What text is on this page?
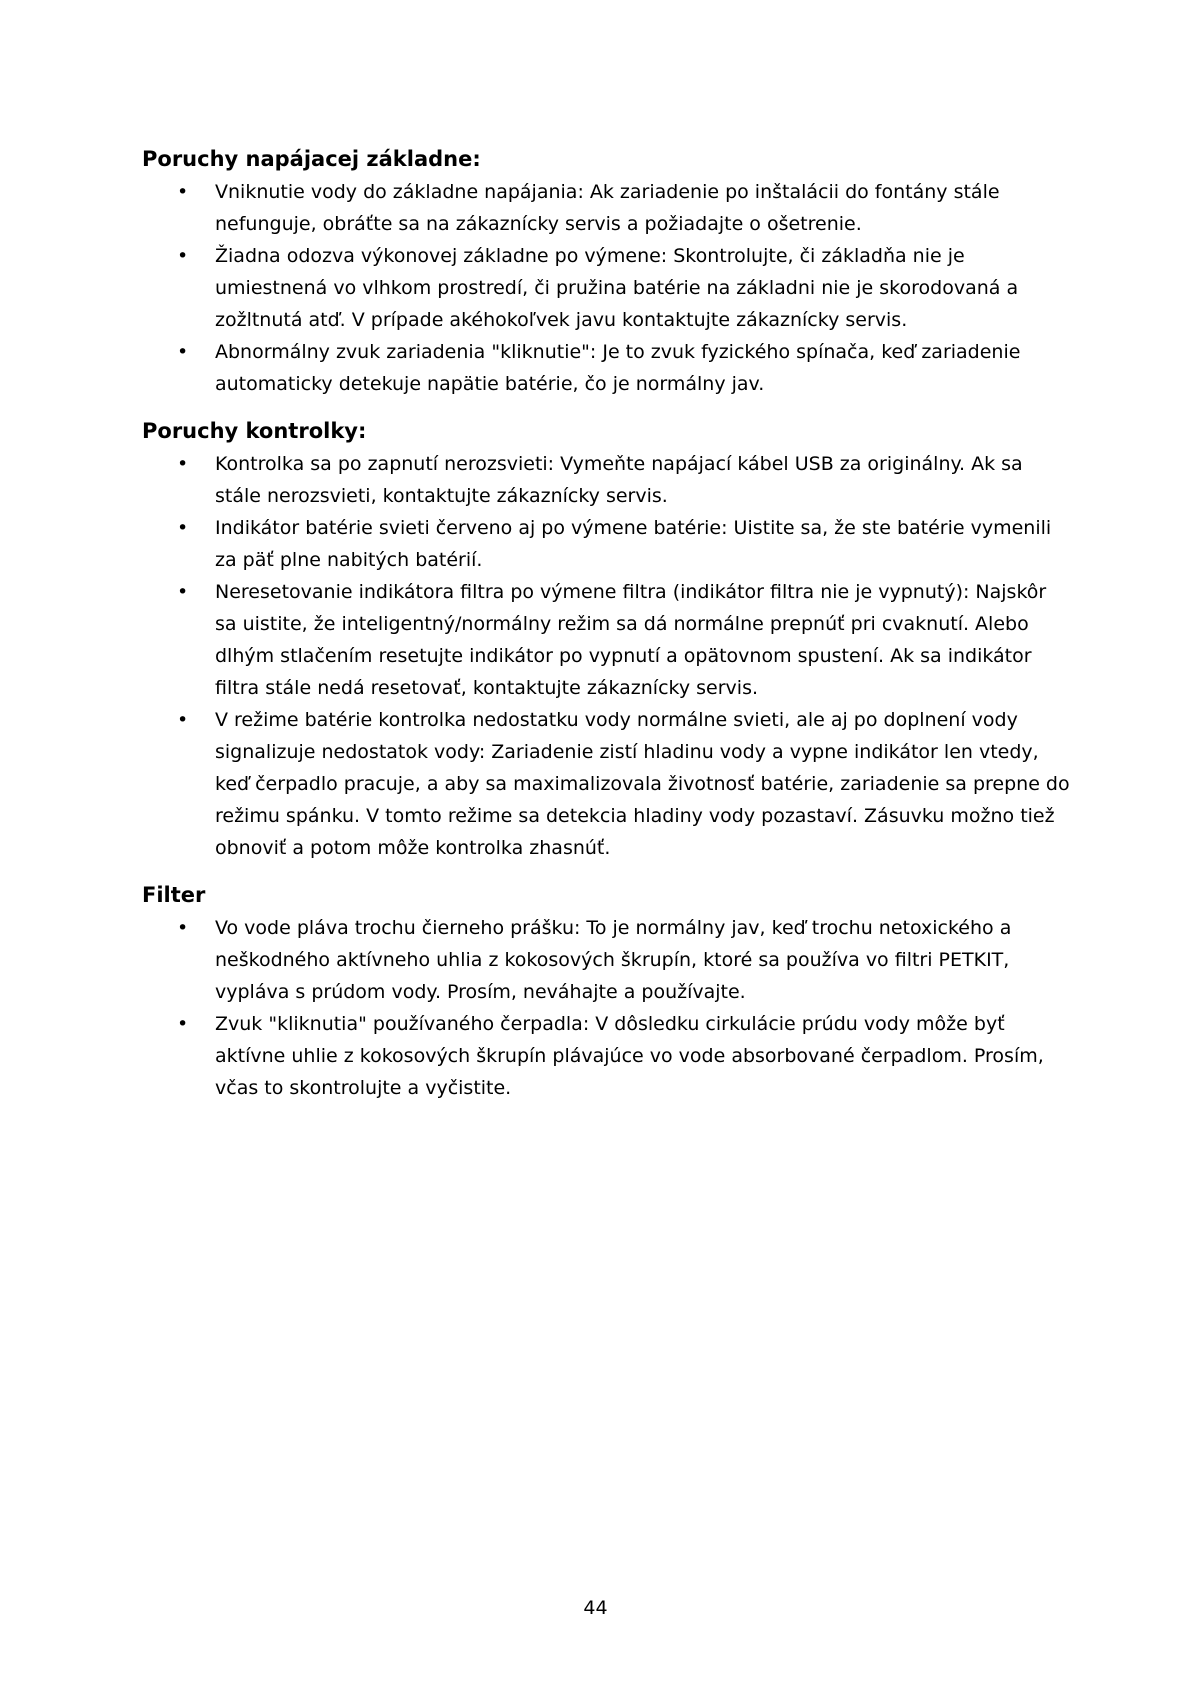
Poruchy napájacej základne:
• Vniknutie vody do základne napájania: Ak zariadenie po inštalácii do fontány stále nefunguje, obráťte sa na zákaznícky servis a požiadajte o ošetrenie.
• Žiadna odozva výkonovej základne po výmene: Skontrolujte, či základňa nie je umiestnená vo vlhkom prostredí, či pružina batérie na základni nie je skorodovaná a zožltnutá atď. V prípade akéhokoľvek javu kontaktujte zákaznícky servis.
• Abnormálny zvuk zariadenia "kliknutie": Je to zvuk fyzického spínača, keď zariadenie automaticky detekuje napätie batérie, čo je normálny jav.
Poruchy kontrolky:
• Kontrolka sa po zapnutí nerozsvieti: Vymeňte napájací kábel USB za originálny. Ak sa stále nerozsvieti, kontaktujte zákaznícky servis.
• Indikátor batérie svieti červeno aj po výmene batérie: Uistite sa, že ste batérie vymenili za päť plne nabitých batérií.
• Neresetovanie indikátora filtra po výmene filtra (indikátor filtra nie je vypnutý): Najskôr sa uistite, že inteligentný/normálny režim sa dá normálne prepnúť pri cvaknutí. Alebo dlhým stlačením resetujte indikátor po vypnutí a opätovnom spustení. Ak sa indikátor filtra stále nedá resetovať, kontaktujte zákaznícky servis.
• V režime batérie kontrolka nedostatku vody normálne svieti, ale aj po doplnení vody signalizuje nedostatok vody: Zariadenie zistí hladinu vody a vypne indikátor len vtedy, keď čerpadlo pracuje, a aby sa maximalizovala životnosť batérie, zariadenie sa prepne do režimu spánku. V tomto režime sa detekcia hladiny vody pozastaví. Zásuvku možno tiež obnoviť a potom môže kontrolka zhasnúť.
Filter
• Vo vode pláva trochu čierneho prášku: To je normálny jav, keď trochu netoxického a neškodného aktívneho uhlia z kokosových škrupín, ktoré sa používa vo filtri PETKIT, vypláva s prúdom vody. Prosím, neváhajte a používajte.
• Zvuk "kliknutia" používaného čerpadla: V dôsledku cirkulácie prúdu vody môže byť aktívne uhlie z kokosových škrupín plávajúce vo vode absorbované čerpadlom. Prosím, včas to skontrolujte a vyčistite.
44
